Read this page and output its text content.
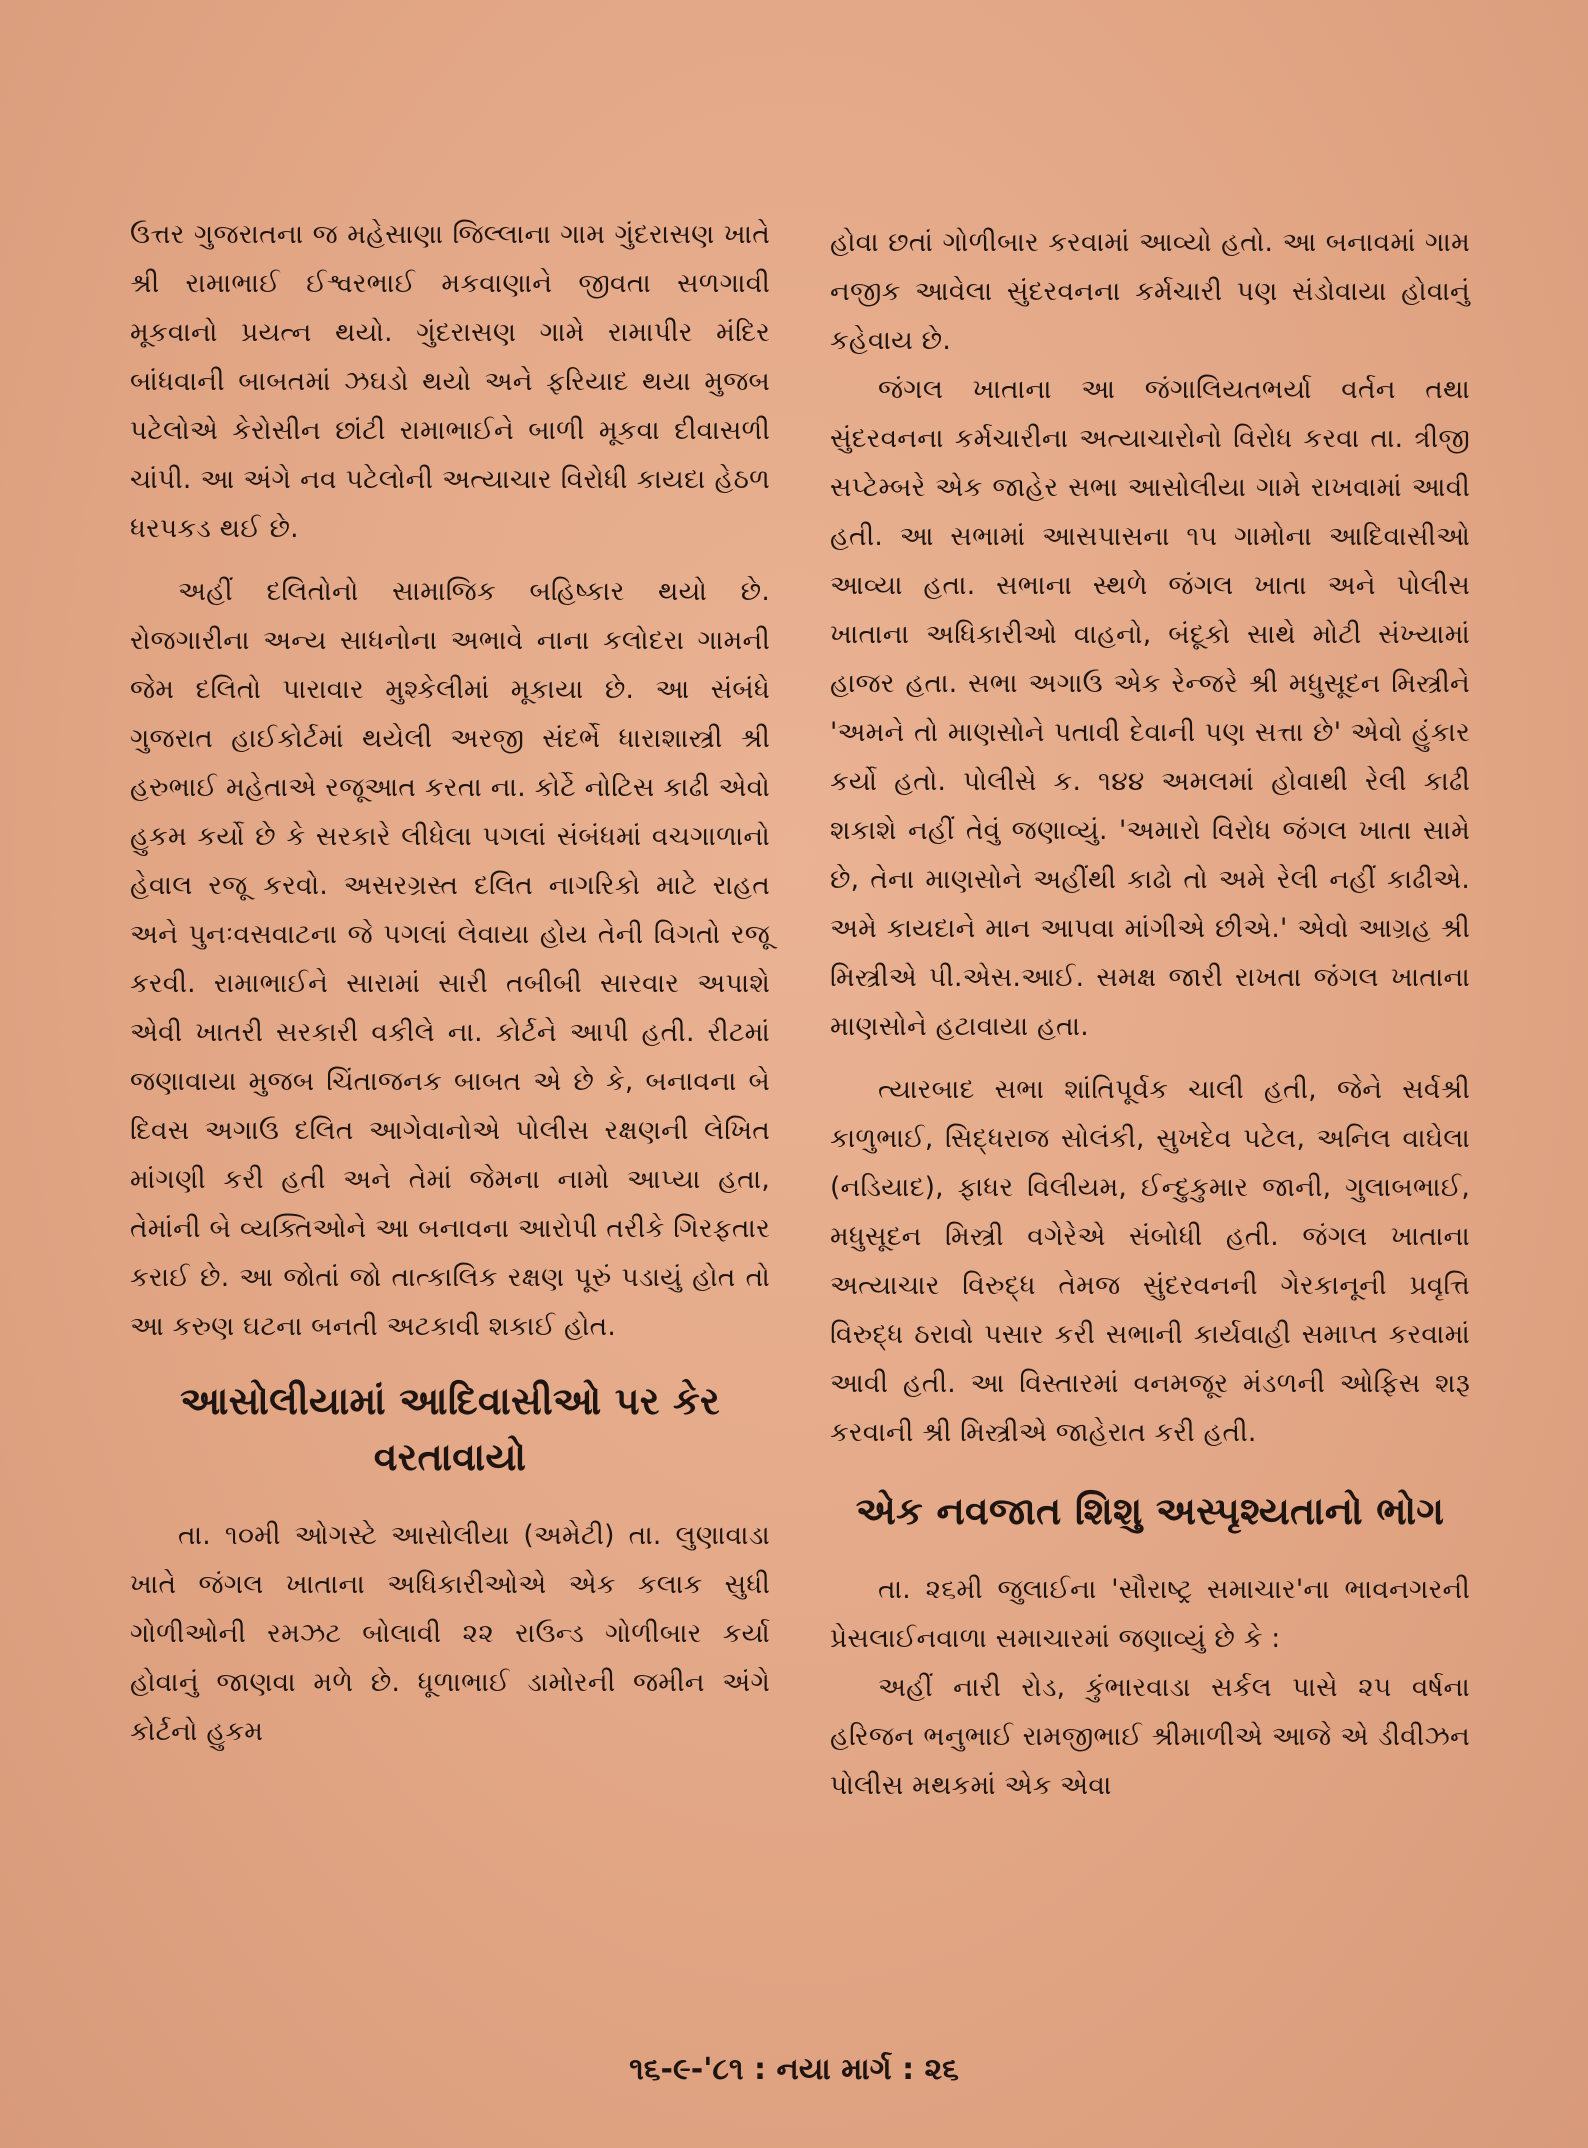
ઉત્તર ગુજરાતના જ મહેસાણા જિલ્લાના ગામ ગુંદરાસણ ખાતે શ્રી રામાભાઈ ઈશ્વરભાઈ મકવાણાને જીવતા સળગાવી મૂકવાનો પ્રયત્ન થયો. ગુંદરાસણ ગામે રામાપીર મંદિર બાંધવાની બાબતમાં ઝઘડો થયો અને ફરિયાદ થયા મુજબ પટેલોએ કેરોસીન છાંટી રામાભાઈને બાળી મૂકવા દીવાસળી ચાંપી. આ અંગે નવ પટેલોની અત્યાચાર વિરોધી કાયદા હેઠળ ધરપકડ થઈ છે.

અહીં દલિતોનો સામાજિક બહિષ્કાર થયો છે. રોજગારીના અન્ય સાધનોના અભાવે નાના કલોદરા ગામની જેમ દલિતો પારાવાર મુશ્કેલીમાં મૂકાયા છે. આ સંબંધે ગુજરાત હાઈકોર્ટમાં થયેલી અરજી સંદર્ભે ધારાશાસ્ત્રી શ્રી હરુભાઈ મહેતાએ રજૂઆત કરતા ના. કોર્ટે નોટિસ કાઢી એવો હુકમ કર્યો છે કે સરકારે લીધેલા પગલાં સંબંધમાં વચગાળાનો હેવાલ રજૂ કરવો. અસરગ્રસ્ત દલિત નાગરિકો માટે રાહત અને પુનઃવસવાટના જે પગલાં લેવાયા હોય તેની વિગતો રજૂ કરવી. રામાભાઈને સારામાં સારી તબીબી સારવાર અપાશે એવી ખાતરી સરકારી વકીલે ના. કોર્ટને આપી હતી. રીટમાં જણાવાયા મુજબ ચિંતાજનક બાબત એ છે કે, બનાવના બે દિવસ અગાઉ દલિત આગેવાનોએ પોલીસ રક્ષણની લેખિત માંગણી કરી હતી અને તેમાં જેમના નામો આપ્યા હતા, તેમાંની બે વ્યક્તિઓને આ બનાવના આરોપી તરીકે ગિરફતાર કરાઈ છે. આ જોતાં જો તાત્કાલિક રક્ષણ પૂરું પડાયું હોત તો આ કરુણ ઘટના બનતી અટકાવી શકાઈ હોત.

આસોલીયામાં આદિવાસીઓ પર કેર વરતાવાયો

તા. ૧૦મી ઓગસ્ટે આસોલીયા (અમેટી) તા. લુણાવાડા ખાતે જંગલ ખાતાના અધિકારીઓએ એક કલાક સુધી ગોળીઓની રમઝટ બોલાવી ૨૨ રાઉન્ડ ગોળીબાર કર્યા હોવાનું જાણવા મળે છે. ધૂળાભાઈ ડામોરની જમીન અંગે કોર્ટનો હુકમ

હોવા છતાં ગોળીબાર કરવામાં આવ્યો હતો. આ બનાવમાં ગામ નજીક આવેલા સુંદરવનના કર્મચારી પણ સંડોવાયા હોવાનું કહેવાય છે.

જંગલ ખાતાના આ જંગાલિયતભર્યા વર્તન તથા સુંદરવનના કર્મચારીના અત્યાચારોનો વિરોધ કરવા તા. ત્રીજી સપ્ટેમ્બરે એક જાહેર સભા આસોલીયા ગામે રાખવામાં આવી હતી. આ સભામાં આસપાસના ૧૫ ગામોના આદિવાસીઓ આવ્યા હતા. સભાના સ્થળે જંગલ ખાતા અને પોલીસ ખાતાના અધિકારીઓ વાહનો, બંદૂકો સાથે મોટી સંખ્યામાં હાજર હતા. સભા અગાઉ એક રેન્જરે શ્રી મધુસૂદન મિસ્ત્રીને 'અમને તો માણસોને પતાવી દેવાની પણ સત્તા છે' એવો હુંકાર કર્યો હતો. પોલીસે ક. ૧૪૪ અમલમાં હોવાથી રેલી કાઢી શકાશે નહીં તેવું જણાવ્યું. 'અમારો વિરોધ જંગલ ખાતા સામે છે, તેના માણસોને અહીંથી કાઢો તો અમે રેલી નહીં કાઢીએ. અમે કાયદાને માન આપવા માંગીએ છીએ.' એવો આગ્રહ શ્રી મિસ્ત્રીએ પી.એસ.આઈ. સમક્ષ જારી રાખતા જંગલ ખાતાના માણસોને હટાવાયા હતા.

ત્યારબાદ સભા શાંતિપૂર્વક ચાલી હતી, જેને સર્વશ્રી કાળુભાઈ, સિદ્ધરાજ સોલંકી, સુખદેવ પટેલ, અનિલ વાઘેલા (નડિયાદ), ફાધર વિલીયમ, ઈન્દુકુમાર જાની, ગુલાબભાઈ, મધુસૂદન મિસ્ત્રી વગેરેએ સંબોધી હતી. જંગલ ખાતાના અત્યાચાર વિરુદ્ધ તેમજ સુંદરવનની ગેરકાનૂની પ્રવૃત્તિ વિરુદ્ધ ઠરાવો પસાર કરી સભાની કાર્યવાહી સમાપ્ત કરવામાં આવી હતી. આ વિસ્તારમાં વનમજૂર મંડળની ઓફિસ શરૂ કરવાની શ્રી મિસ્ત્રીએ જાહેરાત કરી હતી.

એક નવજાત શિશુ અસ્પૃશ્યતાનો ભોગ

તા. ૨૬મી જુલાઈના 'સૌરાષ્ટ્ર સમાચાર'ના ભાવનગરની પ્રેસલાઈનવાળા સમાચારમાં જણાવ્યું છે કે :

અહીં નારી રોડ, કુંભારવાડા સર્કલ પાસે ૨૫ વર્ષના હરિજન ભનુભાઈ રામજીભાઈ શ્રીમાળીએ આજે એ ડીવીઝન પોલીસ મથકમાં એક એવા

૧૬-૯-'૮૧ : નયા માર્ગ : ૨૬
